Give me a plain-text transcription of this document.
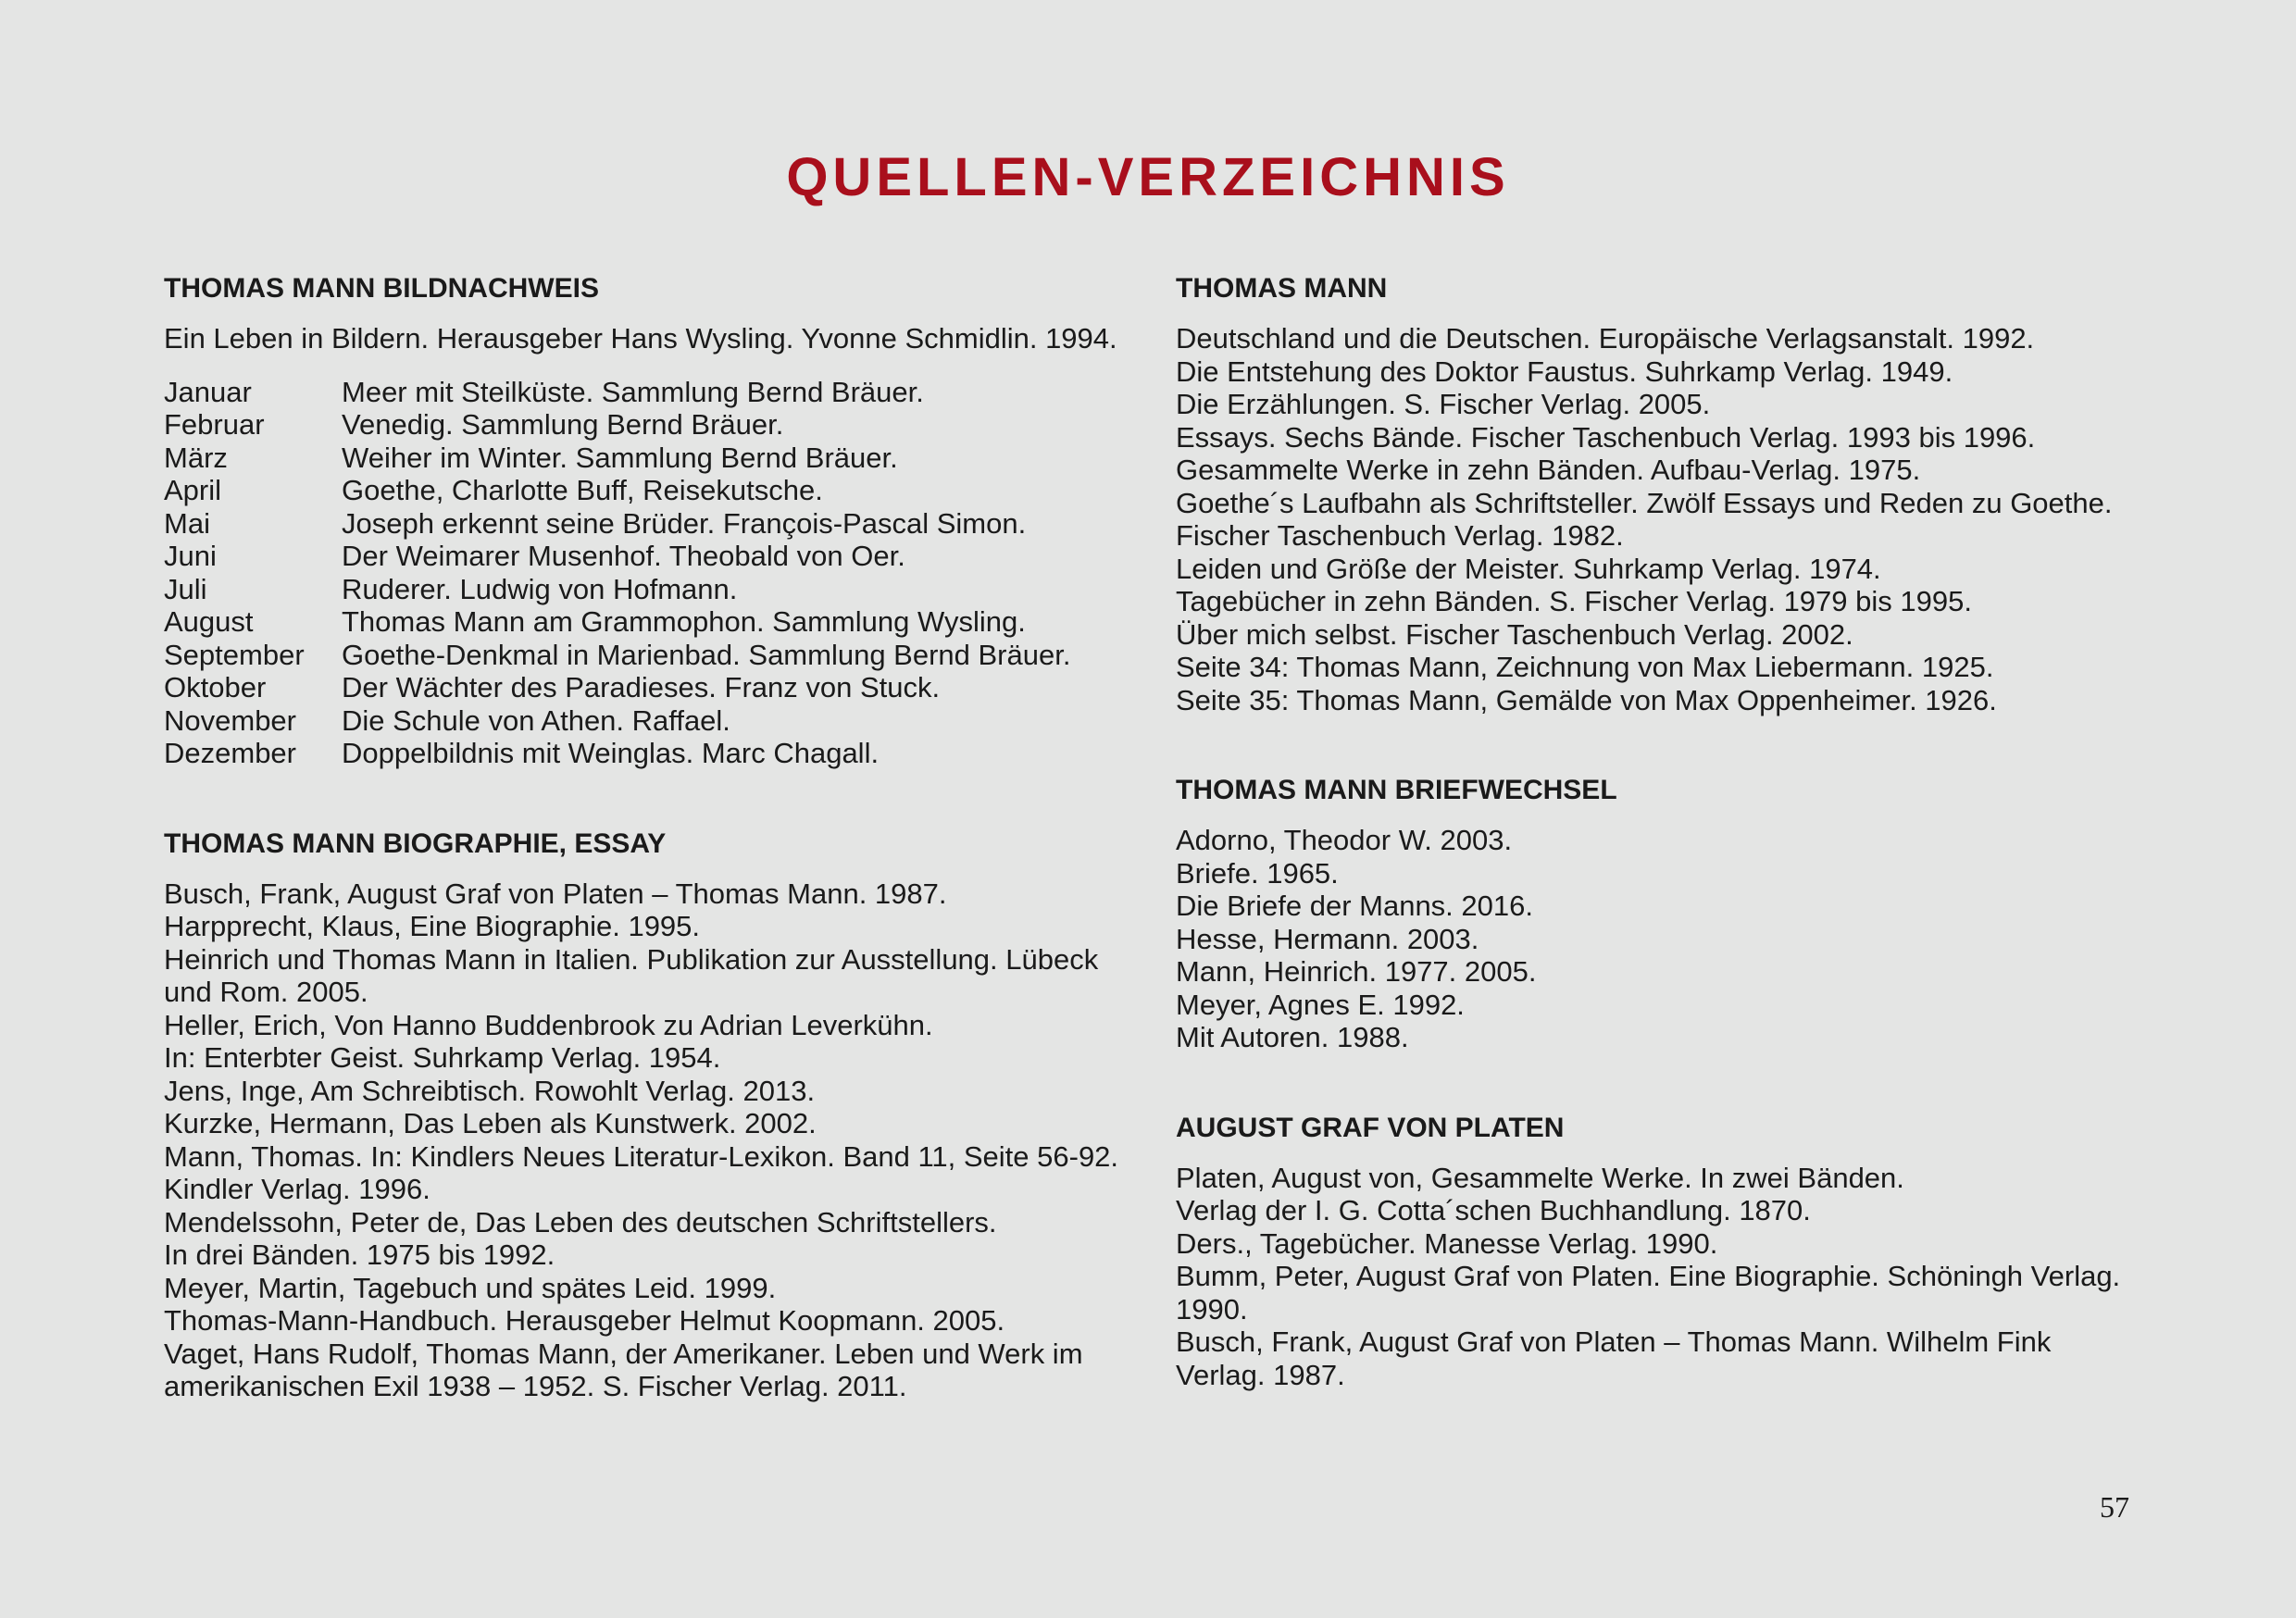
QUELLEN-VERZEICHNIS
THOMAS MANN BILDNACHWEIS
Ein Leben in Bildern. Herausgeber Hans Wysling. Yvonne Schmidlin. 1994.
Januar	Meer mit Steilküste. Sammlung Bernd Bräuer.
Februar	Venedig. Sammlung Bernd Bräuer.
März	Weiher im Winter. Sammlung Bernd Bräuer.
April	Goethe, Charlotte Buff, Reisekutsche.
Mai	Joseph erkennt seine Brüder. François-Pascal Simon.
Juni	Der Weimarer Musenhof. Theobald von Oer.
Juli	Ruderer. Ludwig von Hofmann.
August	Thomas Mann am Grammophon. Sammlung Wysling.
September	Goethe-Denkmal in Marienbad. Sammlung Bernd Bräuer.
Oktober	Der Wächter des Paradieses. Franz von Stuck.
November	Die Schule von Athen. Raffael.
Dezember	Doppelbildnis mit Weinglas. Marc Chagall.
THOMAS MANN BIOGRAPHIE, ESSAY
Busch, Frank, August Graf von Platen – Thomas Mann. 1987.
Harpprecht, Klaus, Eine Biographie. 1995.
Heinrich und Thomas Mann in Italien. Publikation zur Ausstellung. Lübeck
und Rom. 2005.
Heller, Erich, Von Hanno Buddenbrook zu Adrian Leverkühn.
In: Enterbter Geist. Suhrkamp Verlag. 1954.
Jens, Inge, Am Schreibtisch. Rowohlt Verlag. 2013.
Kurzke, Hermann, Das Leben als Kunstwerk. 2002.
Mann, Thomas. In: Kindlers Neues Literatur-Lexikon. Band 11, Seite 56-92.
Kindler Verlag. 1996.
Mendelssohn, Peter de, Das Leben des deutschen Schriftstellers.
In drei Bänden. 1975 bis 1992.
Meyer, Martin, Tagebuch und spätes Leid. 1999.
Thomas-Mann-Handbuch. Herausgeber Helmut Koopmann. 2005.
Vaget, Hans Rudolf, Thomas Mann, der Amerikaner. Leben und Werk im
amerikanischen Exil 1938 – 1952. S. Fischer Verlag. 2011.
THOMAS MANN
Deutschland und die Deutschen. Europäische Verlagsanstalt. 1992.
Die Entstehung des Doktor Faustus. Suhrkamp Verlag. 1949.
Die Erzählungen. S. Fischer Verlag. 2005.
Essays. Sechs Bände. Fischer Taschenbuch Verlag. 1993 bis 1996.
Gesammelte Werke in zehn Bänden. Aufbau-Verlag. 1975.
Goethe´s Laufbahn als Schriftsteller. Zwölf Essays und Reden zu Goethe.
Fischer Taschenbuch Verlag. 1982.
Leiden und Größe der Meister. Suhrkamp Verlag. 1974.
Tagebücher in zehn Bänden. S. Fischer Verlag. 1979 bis 1995.
Über mich selbst. Fischer Taschenbuch Verlag. 2002.
Seite 34: Thomas Mann, Zeichnung von Max Liebermann. 1925.
Seite 35: Thomas Mann, Gemälde von Max Oppenheimer. 1926.
THOMAS MANN BRIEFWECHSEL
Adorno, Theodor W. 2003.
Briefe. 1965.
Die Briefe der Manns. 2016.
Hesse, Hermann. 2003.
Mann, Heinrich. 1977. 2005.
Meyer, Agnes E. 1992.
Mit Autoren. 1988.
AUGUST GRAF VON PLATEN
Platen, August von, Gesammelte Werke. In zwei Bänden.
Verlag der I. G. Cotta´schen Buchhandlung. 1870.
Ders., Tagebücher. Manesse Verlag. 1990.
Bumm, Peter, August Graf von Platen. Eine Biographie. Schöningh Verlag.
1990.
Busch, Frank, August Graf von Platen – Thomas Mann. Wilhelm Fink
Verlag. 1987.
57
